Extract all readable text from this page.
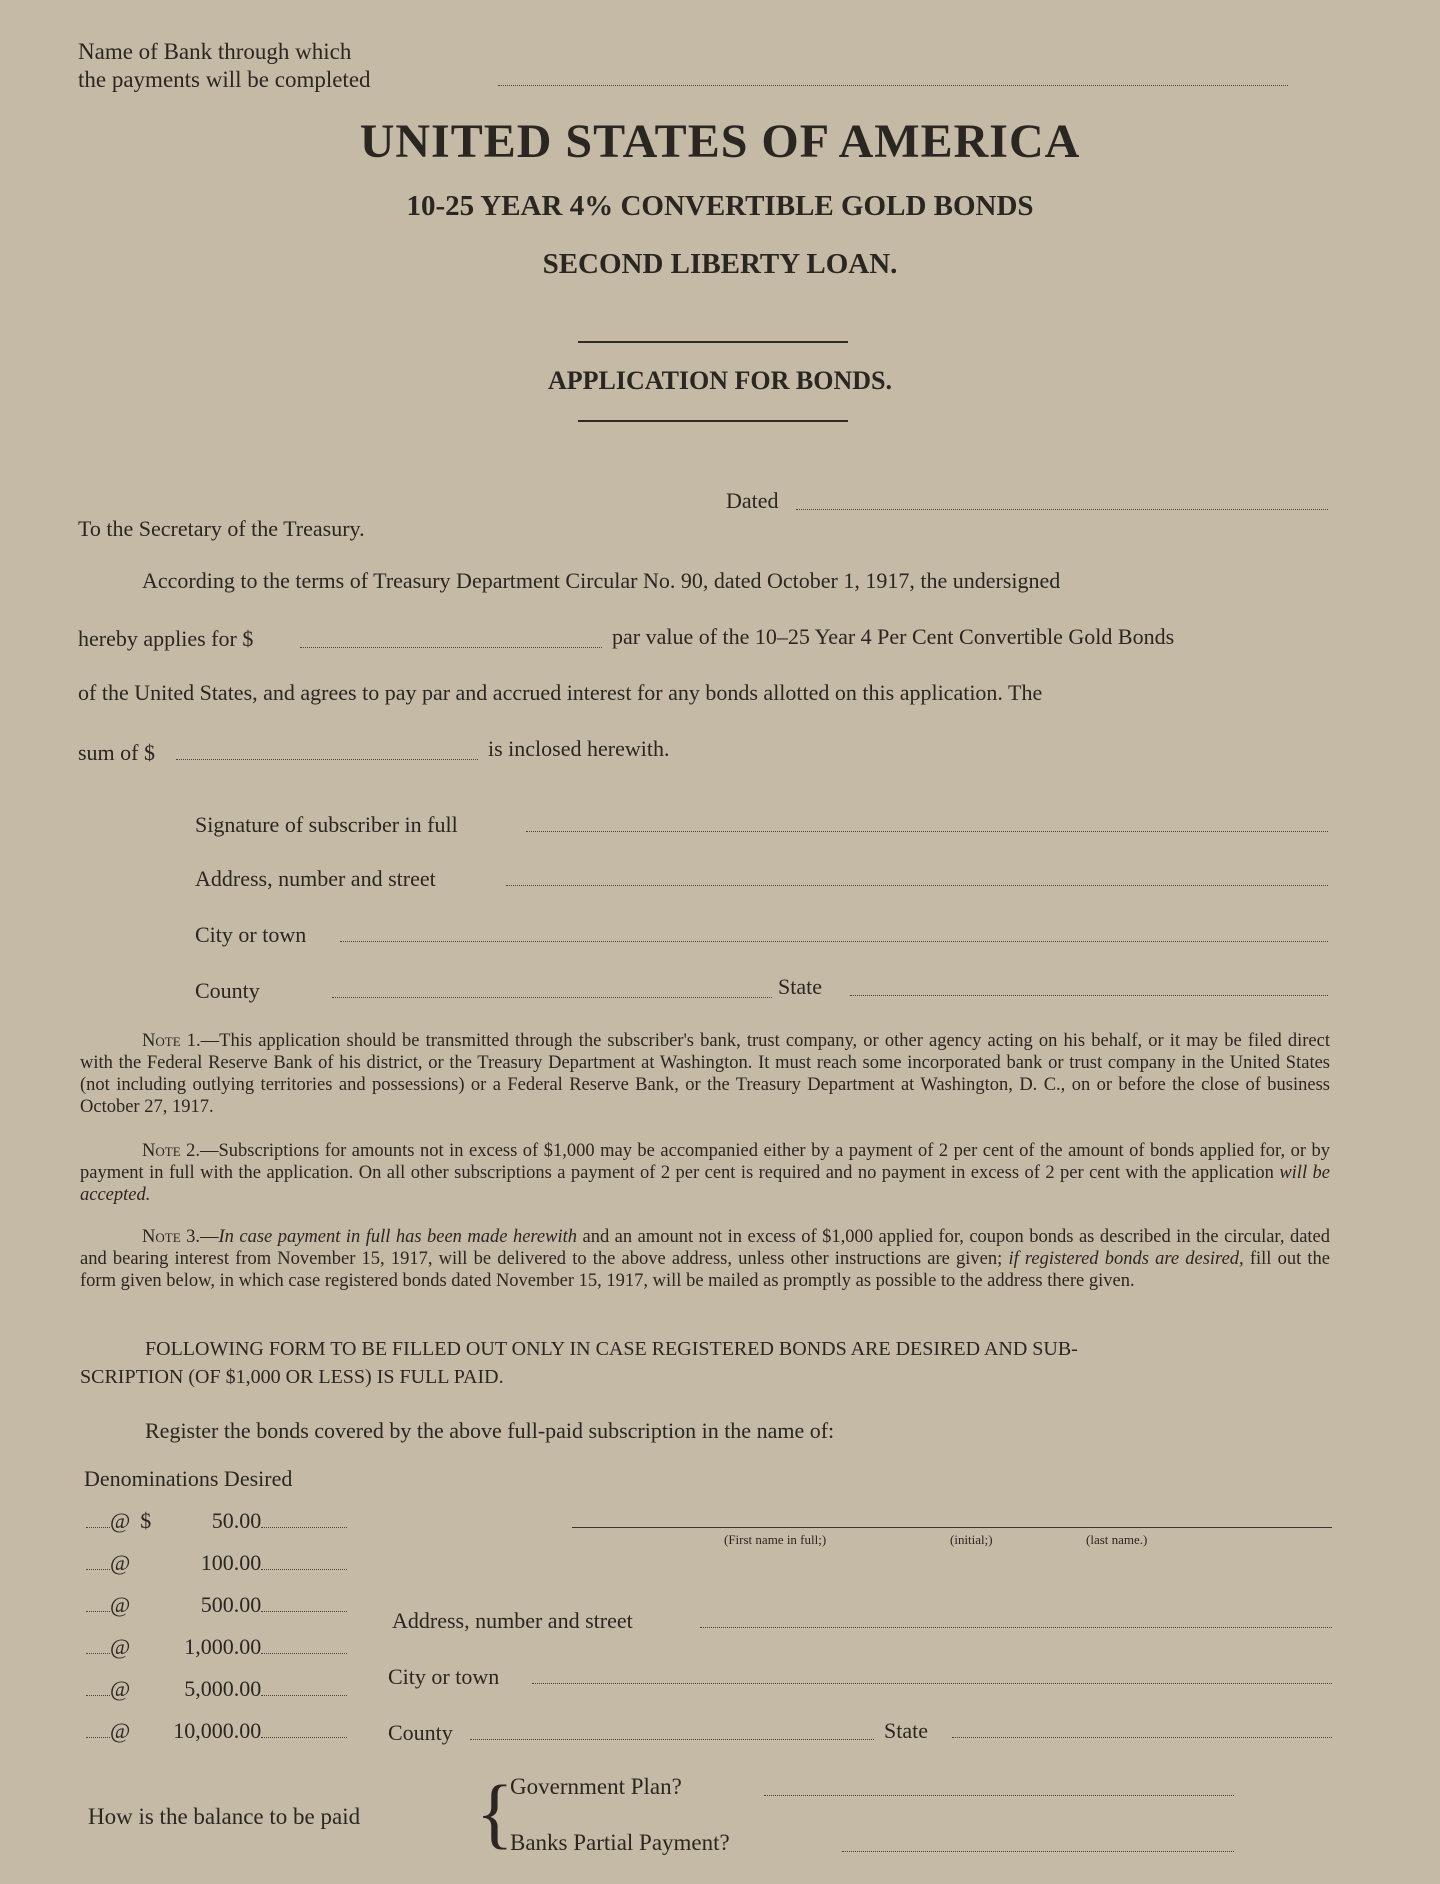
Name of Bank through which
the payments will be completed
UNITED STATES OF AMERICA
10-25 YEAR 4% CONVERTIBLE GOLD BONDS
SECOND LIBERTY LOAN.
APPLICATION FOR BONDS.
Dated
To the Secretary of the Treasury.
According to the terms of Treasury Department Circular No. 90, dated October 1, 1917, the undersigned
hereby applies for $	par value of the 10–25 Year 4 Per Cent Convertible Gold Bonds
of the United States, and agrees to pay par and accrued interest for any bonds allotted on this application. The
sum of $	is inclosed herewith.
Signature of subscriber in full
Address, number and street
City or town
County	State
Note 1.—This application should be transmitted through the subscriber's bank, trust company, or other agency acting on his behalf, or it may be filed direct with the Federal Reserve Bank of his district, or the Treasury Department at Washington. It must reach some incorporated bank or trust company in the United States (not including outlying territories and possessions) or a Federal Reserve Bank, or the Treasury Department at Washington, D. C., on or before the close of business October 27, 1917.
Note 2.—Subscriptions for amounts not in excess of $1,000 may be accompanied either by a payment of 2 per cent of the amount of bonds applied for, or by payment in full with the application. On all other subscriptions a payment of 2 per cent is required and no payment in excess of 2 per cent with the application will be accepted.
Note 3.—In case payment in full has been made herewith and an amount not in excess of $1,000 applied for, coupon bonds as described in the circular, dated and bearing interest from November 15, 1917, will be delivered to the above address, unless other instructions are given; if registered bonds are desired, fill out the form given below, in which case registered bonds dated November 15, 1917, will be mailed as promptly as possible to the address there given.
FOLLOWING FORM TO BE FILLED OUT ONLY IN CASE REGISTERED BONDS ARE DESIRED AND SUB-
SCRIPTION (OF $1,000 OR LESS) IS FULL PAID.
Register the bonds covered by the above full-paid subscription in the name of:
Denominations Desired
@ $	50.00
@	100.00
@	500.00
@ 1,000.00
@ 5,000.00
@ 10,000.00
(First name in full;)	(initial;)	(last name.)
Address, number and street
City or town
County	State
How is the balance to be paid {
Government Plan?
Banks Partial Payment?
